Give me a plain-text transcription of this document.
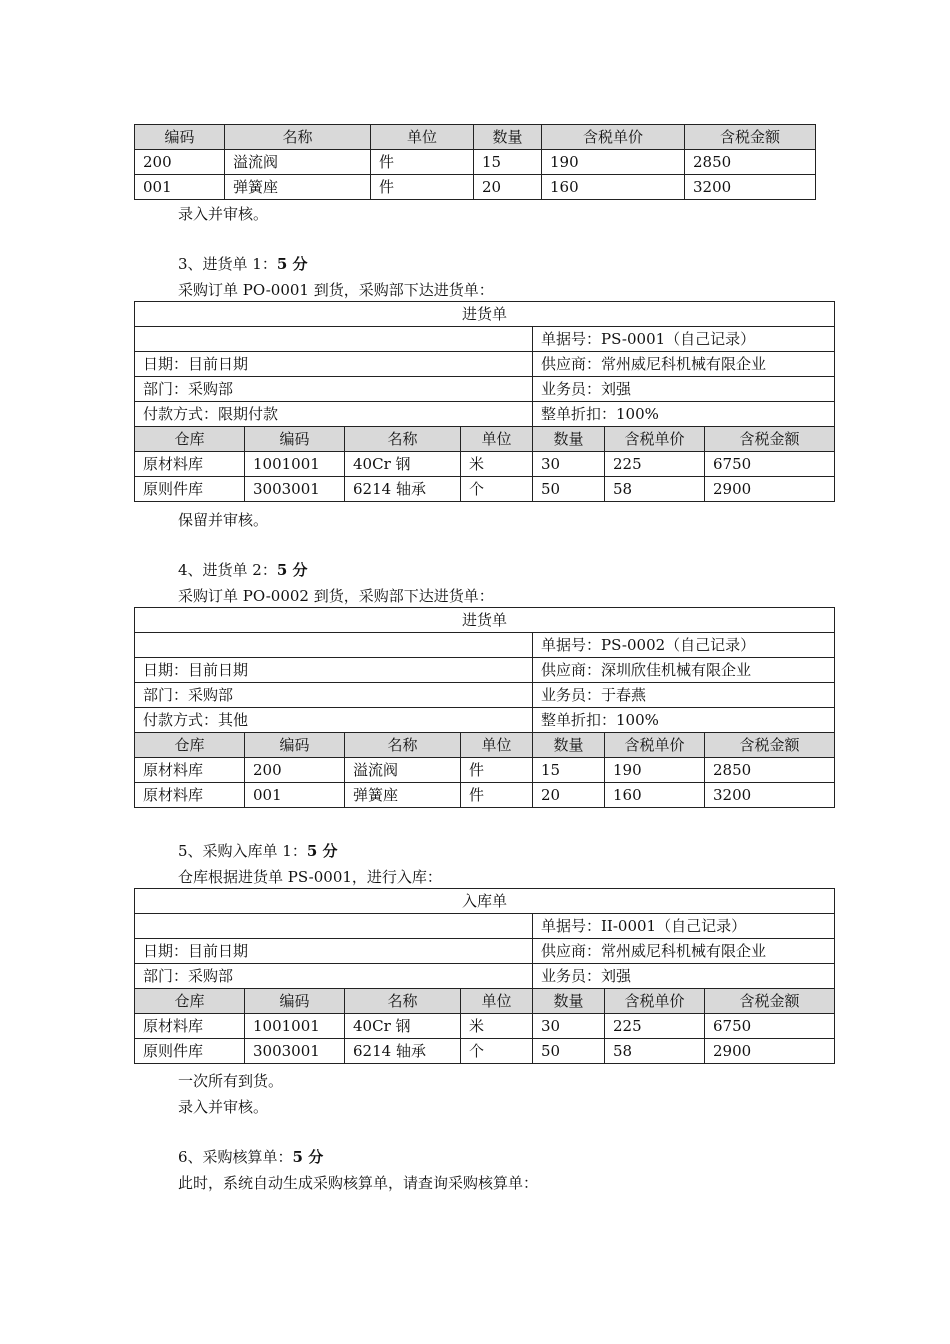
编码	名称	单位	数量	含税单价	含税金额
200	溢流阀	件	15	190	2850
001	弹簧座	件	20	160	3200
录入并审核。
3、进货单 1：5 分
采购订单 PO-0001 到货，采购部下达进货单：
进货单						
				单据号：PS-0001（自己记录）		
日期：目前日期				供应商：常州威尼科机械有限企业		
部门：采购部				业务员：刘强		
付款方式：限期付款				整单折扣：100%		
仓库	编码	名称	单位	数量	含税单价	含税金额
原材料库	1001001	40Cr 钢	米	30	225	6750
原则件库	3003001	6214 轴承	个	50	58	2900
保留并审核。
4、进货单 2：5 分
采购订单 PO-0002 到货，采购部下达进货单：
进货单						
				单据号：PS-0002（自己记录）		
日期：目前日期				供应商：深圳欣佳机械有限企业		
部门：采购部				业务员：于春燕		
付款方式：其他				整单折扣：100%		
仓库	编码	名称	单位	数量	含税单价	含税金额
原材料库	200	溢流阀	件	15	190	2850
原材料库	001	弹簧座	件	20	160	3200
5、采购入库单 1：5 分
仓库根据进货单 PS-0001，进行入库：
入库单						
				单据号：II-0001（自己记录）		
日期：目前日期				供应商：常州威尼科机械有限企业		
部门：采购部				业务员：刘强		
仓库	编码	名称	单位	数量	含税单价	含税金额
原材料库	1001001	40Cr 钢	米	30	225	6750
原则件库	3003001	6214 轴承	个	50	58	2900
一次所有到货。
录入并审核。
6、采购核算单：5 分
此时，系统自动生成采购核算单，请查询采购核算单：
